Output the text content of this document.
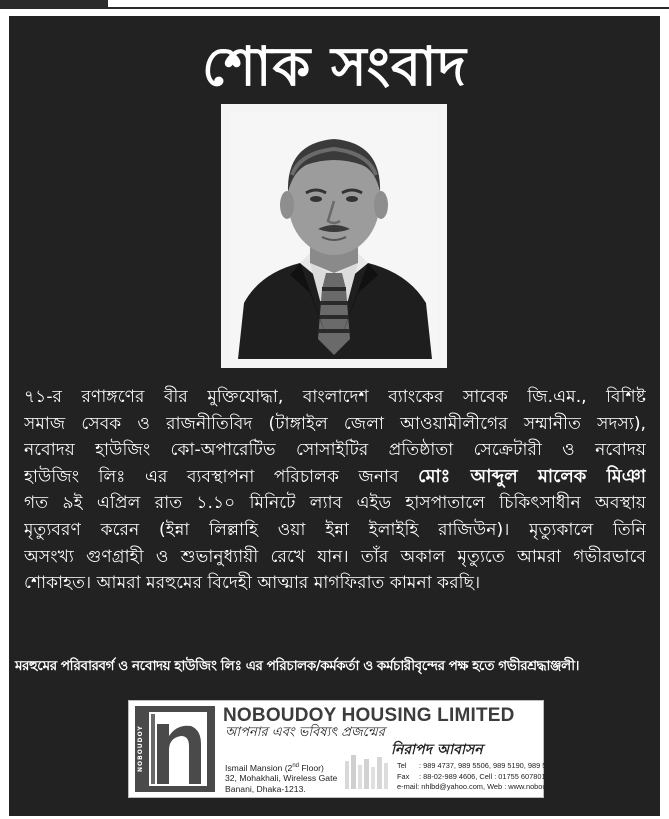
শোক সংবাদ
৭১-র রণাঙ্গণের বীর মুক্তিযোদ্ধা, বাংলাদেশ ব্যাংকের সাবেক জি.এম., বিশিষ্ট
সমাজ সেবক ও রাজনীতিবিদ (টাঙ্গাইল জেলা আওয়ামীলীগের সম্মানীত সদস্য),
নবোদয় হাউজিং কো-অপারেটিভ সোসাইটির প্রতিষ্ঠাতা সেক্রেটারী ও নবোদয়
হাউজিং লিঃ এর ব্যবস্থাপনা পরিচালক জনাব মোঃ আব্দুল মালেক মিঞা
গত ৯ই এপ্রিল রাত ১.১০ মিনিটে ল্যাব এইড হাসপাতালে চিকিৎসাধীন অবস্থায়
মৃত্যুবরণ করেন (ইন্না লিল্লাহি ওয়া ইন্না ইলাইহি রাজিউন)। মৃত্যুকালে তিনি
অসংখ্য গুণগ্রাহী ও শুভানুধ্যায়ী রেখে যান। তাঁর অকাল মৃত্যুতে আমরা গভীরভাবে
শোকাহত। আমরা মরহুমের বিদেহী আত্মার মাগফিরাত কামনা করছি।
মরহুমের পরিবারবর্গ ও নবোদয় হাউজিং লিঃ এর পরিচালক/কর্মকর্তা ও কর্মচারীবৃন্দের পক্ষ হতে গভীরশ্রদ্ধাঞ্জলী।
NOBOUDOY
NOBOUDOY HOUSING LIMITED
আপনার এবং ভবিষ্যৎ প্রজন্মের
নিরাপদ আবাসন
Ismail Mansion (2nd Floor)
32, Mohakhali, Wireless Gate
Banani, Dhaka-1213.
Tel : 989 4737, 989 5506, 989 5190, 989 5571
Fax : 88-02-989 4606, Cell : 01755 607801-7
e-mail: nhlbd@yahoo.com, Web : www.noboudoy.com
